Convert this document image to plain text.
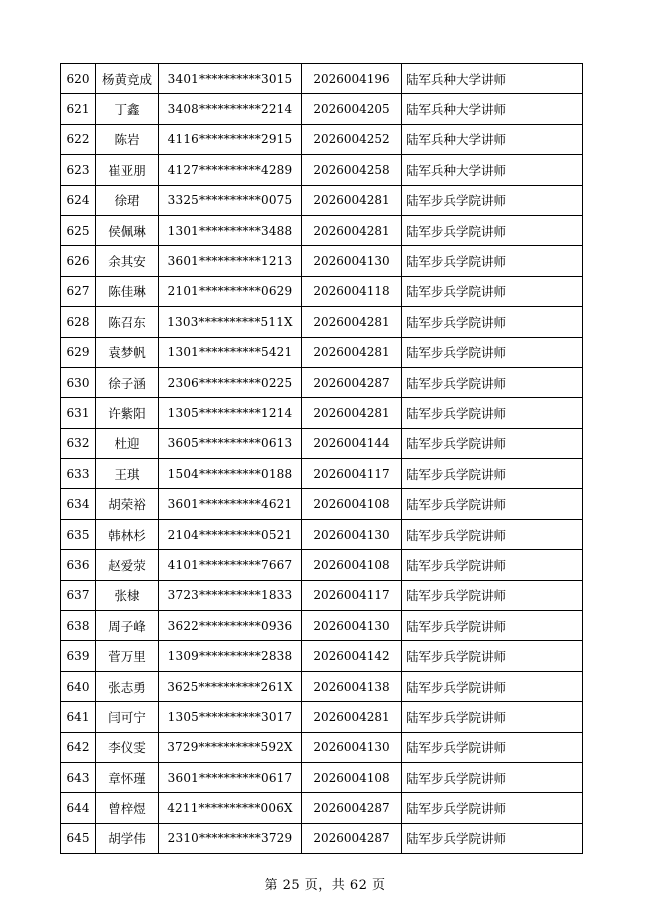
620	杨黄竞成	3401**********3015	2026004196	陆军兵种大学讲师
621	丁鑫	3408**********2214	2026004205	陆军兵种大学讲师
622	陈岩	4116**********2915	2026004252	陆军兵种大学讲师
623	崔亚朋	4127**********4289	2026004258	陆军兵种大学讲师
624	徐珺	3325**********0075	2026004281	陆军步兵学院讲师
625	侯佩琳	1301**********3488	2026004281	陆军步兵学院讲师
626	余其安	3601**********1213	2026004130	陆军步兵学院讲师
627	陈佳琳	2101**********0629	2026004118	陆军步兵学院讲师
628	陈召东	1303**********511X	2026004281	陆军步兵学院讲师
629	袁梦帆	1301**********5421	2026004281	陆军步兵学院讲师
630	徐子涵	2306**********0225	2026004287	陆军步兵学院讲师
631	许紫阳	1305**********1214	2026004281	陆军步兵学院讲师
632	杜迎	3605**********0613	2026004144	陆军步兵学院讲师
633	王琪	1504**********0188	2026004117	陆军步兵学院讲师
634	胡荣裕	3601**********4621	2026004108	陆军步兵学院讲师
635	韩林杉	2104**********0521	2026004130	陆军步兵学院讲师
636	赵爱荥	4101**********7667	2026004108	陆军步兵学院讲师
637	张棣	3723**********1833	2026004117	陆军步兵学院讲师
638	周子峰	3622**********0936	2026004130	陆军步兵学院讲师
639	菅万里	1309**********2838	2026004142	陆军步兵学院讲师
640	张志勇	3625**********261X	2026004138	陆军步兵学院讲师
641	闫可宁	1305**********3017	2026004281	陆军步兵学院讲师
642	李仪雯	3729**********592X	2026004130	陆军步兵学院讲师
643	章怀瑾	3601**********0617	2026004108	陆军步兵学院讲师
644	曾梓煜	4211**********006X	2026004287	陆军步兵学院讲师
645	胡学伟	2310**********3729	2026004287	陆军步兵学院讲师
第 25 页，共 62 页
